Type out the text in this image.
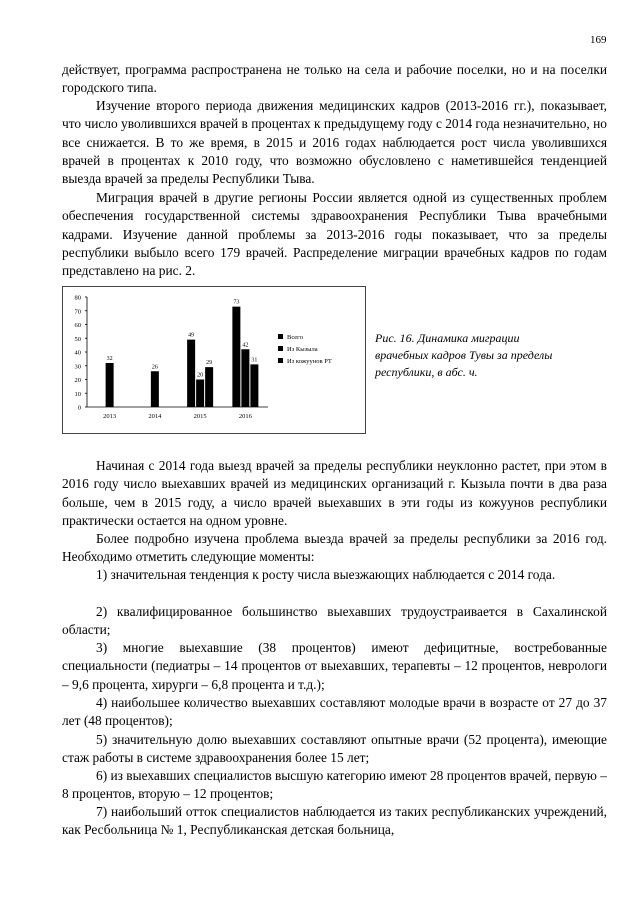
169

действует, программа распространена не только на села и рабочие поселки, но и на поселки городского типа.

Изучение второго периода движения медицинских кадров (2013-2016 гг.), показывает, что число уволившихся врачей в процентах к предыдущему году с 2014 года незначительно, но все снижается. В то же время, в 2015 и 2016 годах наблюдается рост числа уволившихся врачей в процентах к 2010 году, что возможно обусловлено с наметившейся тенденцией выезда врачей за пределы Республики Тыва.

Миграция врачей в другие регионы России является одной из существенных проблем обеспечения государственной системы здравоохранения Республики Тыва врачебными кадрами. Изучение данной проблемы за 2013-2016 годы показывает, что за пределы республики выбыло всего 179 врачей. Распределение миграции врачебных кадров по годам представлено на рис. 2.

0
10
20
30
40
50
60
70
80
2013
32
2014
26
2015
49
20
29
2016
73
42
31
Всего
Из Кызыла
Из кожуунов РТ

Рис. 16. Динамика миграции врачебных кадров Тувы за пределы республики, в абс. ч.

Начиная с 2014 года выезд врачей за пределы республики неуклонно растет, при этом в 2016 году число выехавших врачей из медицинских организаций г. Кызыла почти в два раза больше, чем в 2015 году, а число врачей выехавших в эти годы из кожуунов республики практически остается на одном уровне.

Более подробно изучена проблема выезда врачей за пределы республики за 2016 год. Необходимо отметить следующие моменты:

1) значительная тенденция к росту числа выезжающих наблюдается с 2014 года.

2) квалифицированное большинство выехавших трудоустраивается в Сахалинской области;

3) многие выехавшие (38 процентов) имеют дефицитные, востребованные специальности (педиатры – 14 процентов от выехавших, терапевты – 12 процентов, неврологи – 9,6 процента, хирурги – 6,8 процента и т.д.);

4) наибольшее количество выехавших составляют молодые врачи в возрасте от 27 до 37 лет (48 процентов);

5) значительную долю выехавших составляют опытные врачи (52 процента), имеющие стаж работы в системе здравоохранения более 15 лет;

6) из выехавших специалистов высшую категорию имеют 28 процентов врачей, первую – 8 процентов, вторую – 12 процентов;

7) наибольший отток специалистов наблюдается из таких республиканских учреждений, как Ресбольница № 1, Республиканская детская больница,
